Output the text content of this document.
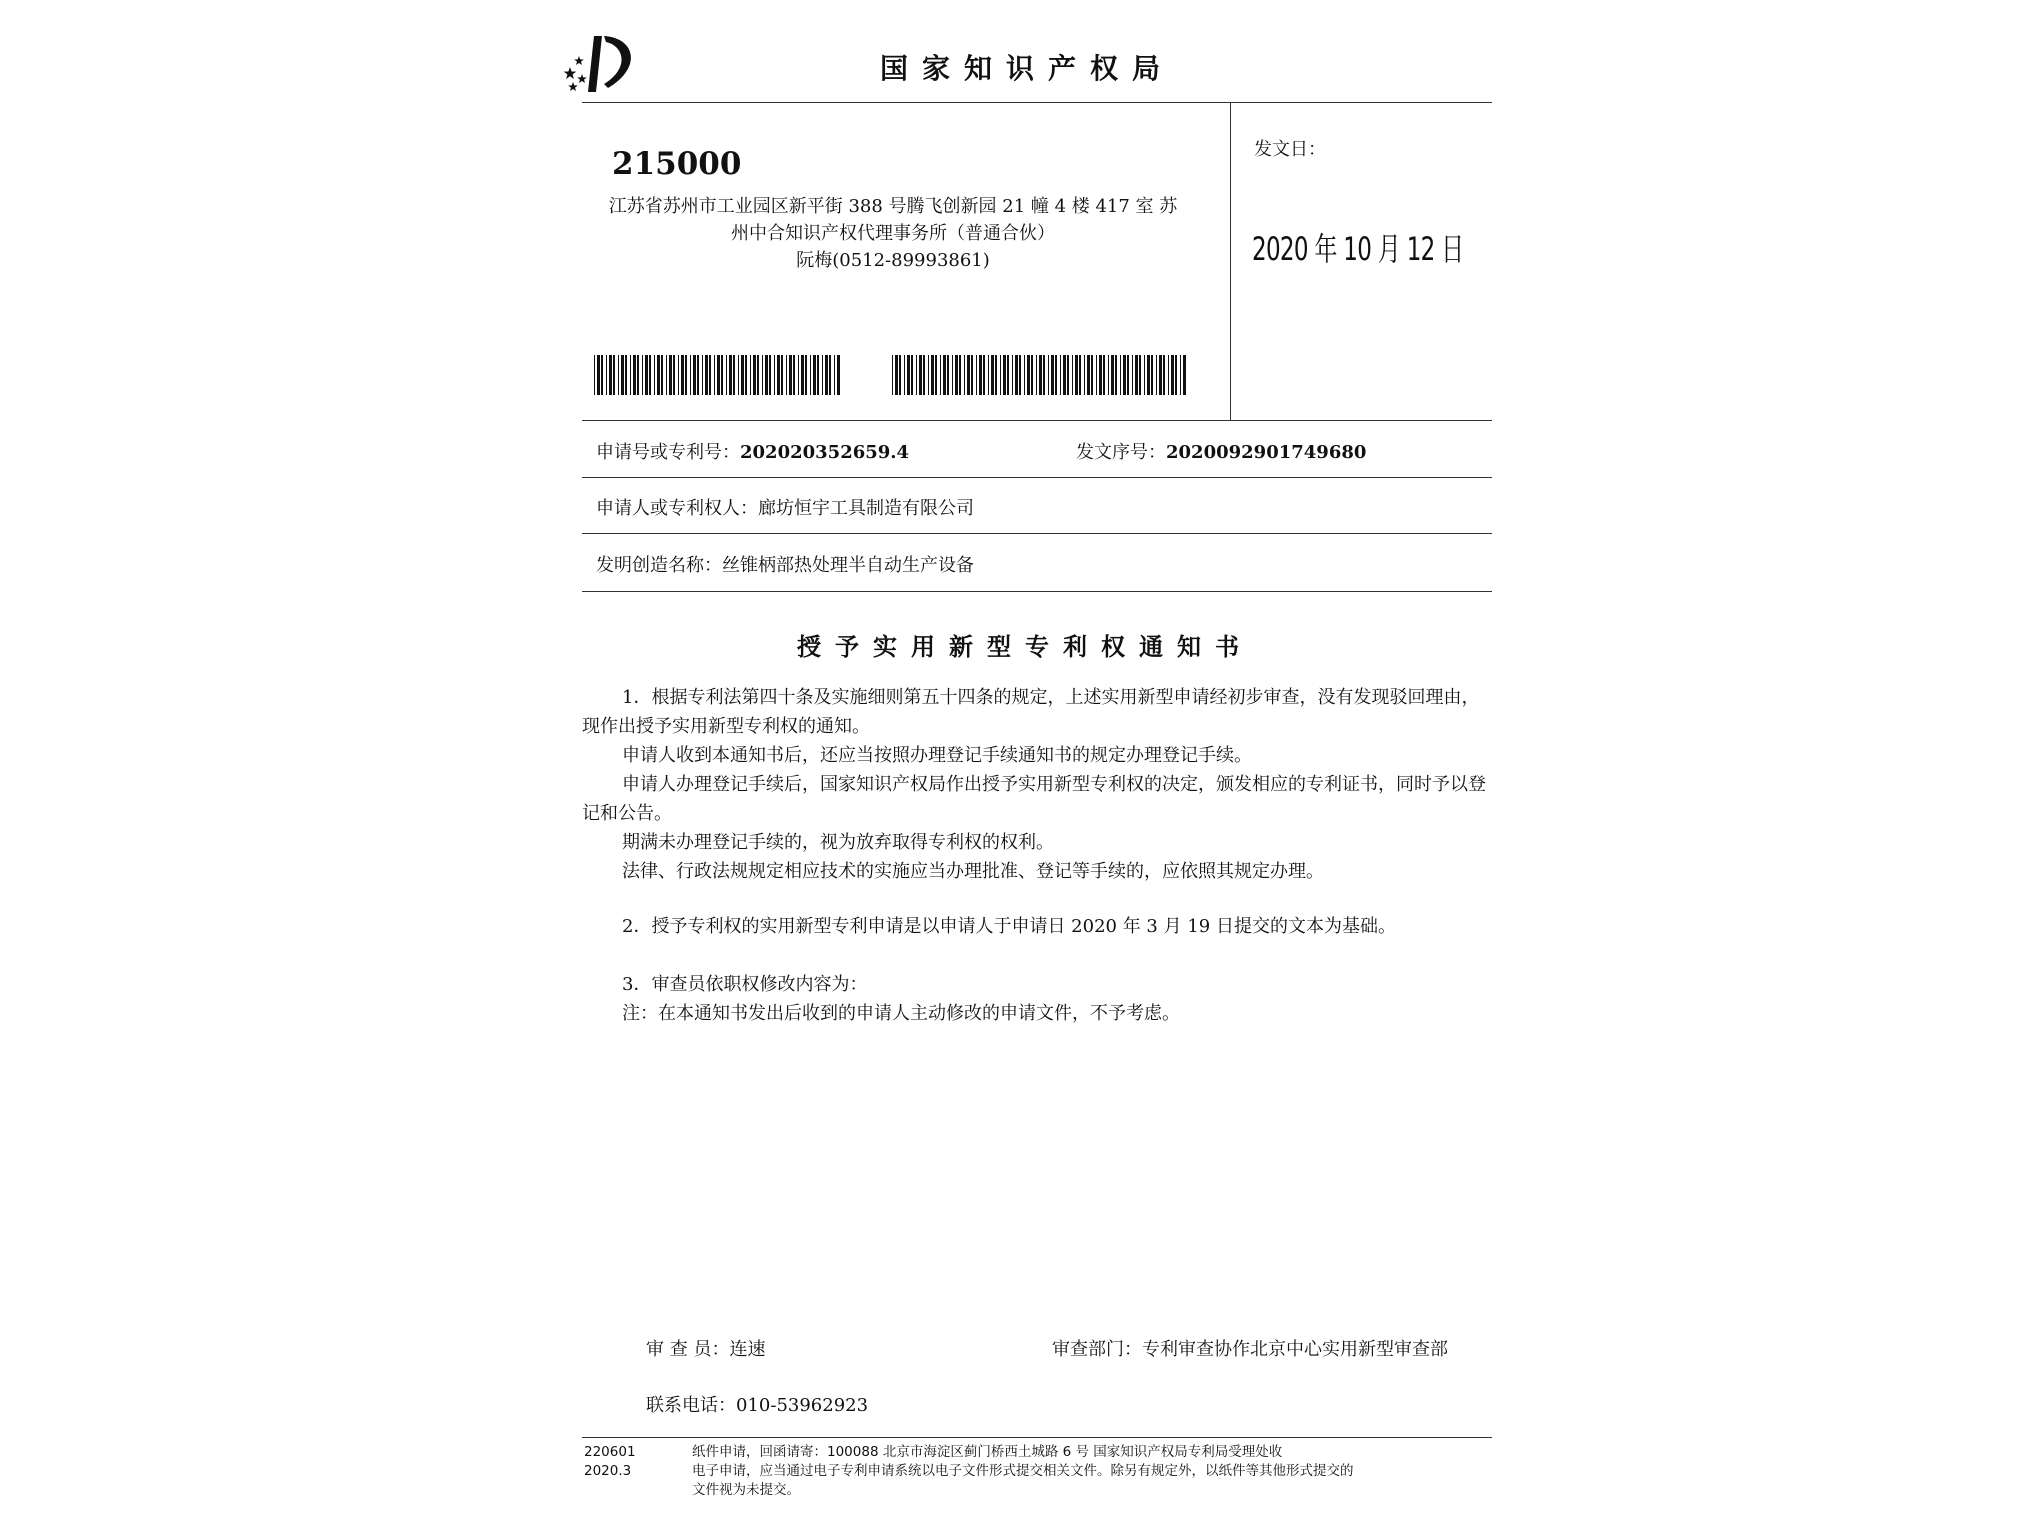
国家知识产权局
215000
江苏省苏州市工业园区新平街 388 号腾飞创新园 21 幢 4 楼 417 室 苏
州中合知识产权代理事务所（普通合伙）
阮梅(0512-89993861)
发文日：
2020 年 10 月 12 日
申请号或专利号：202020352659.4	发文序号：2020092901749680
申请人或专利权人：廊坊恒宇工具制造有限公司
发明创造名称：丝锥柄部热处理半自动生产设备
授予实用新型专利权通知书

1．根据专利法第四十条及实施细则第五十四条的规定，上述实用新型申请经初步审查，没有发现驳回理由，现作出授予实用新型专利权的通知。

申请人收到本通知书后，还应当按照办理登记手续通知书的规定办理登记手续。

申请人办理登记手续后，国家知识产权局作出授予实用新型专利权的决定，颁发相应的专利证书，同时予以登记和公告。

期满未办理登记手续的，视为放弃取得专利权的权利。

法律、行政法规规定相应技术的实施应当办理批准、登记等手续的，应依照其规定办理。

2．授予专利权的实用新型专利申请是以申请人于申请日 2020 年 3 月 19 日提交的文本为基础。

3．审查员依职权修改内容为：

注：在本通知书发出后收到的申请人主动修改的申请文件，不予考虑。

审 查 员：连速	审查部门：专利审查协作北京中心实用新型审查部
联系电话：010-53962923
220601
2020.3
纸件申请，回函请寄：100088 北京市海淀区蓟门桥西土城路 6 号 国家知识产权局专利局受理处收
电子申请，应当通过电子专利申请系统以电子文件形式提交相关文件。除另有规定外，以纸件等其他形式提交的
文件视为未提交。
